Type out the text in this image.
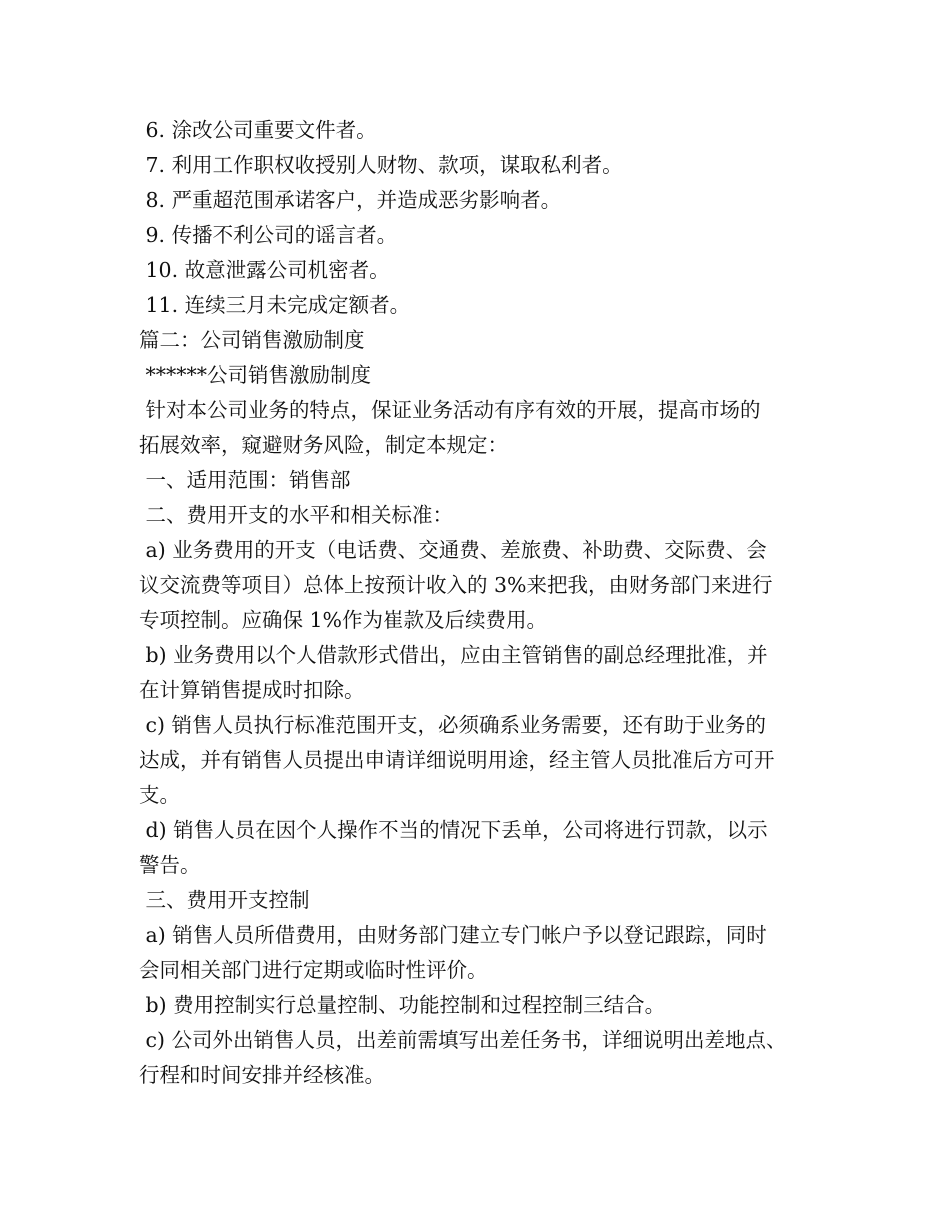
6. 涂改公司重要文件者。
7. 利用工作职权收授别人财物、款项，谋取私利者。
8. 严重超范围承诺客户，并造成恶劣影响者。
9. 传播不利公司的谣言者。
10. 故意泄露公司机密者。
11. 连续三月未完成定额者。
篇二：公司销售激励制度
******公司销售激励制度
针对本公司业务的特点，保证业务活动有序有效的开展，提高市场的
拓展效率，窥避财务风险，制定本规定：
一、适用范围：销售部
二、费用开支的水平和相关标准：
a) 业务费用的开支（电话费、交通费、差旅费、补助费、交际费、会
议交流费等项目）总体上按预计收入的 3%来把我，由财务部门来进行
专项控制。应确保 1%作为崔款及后续费用。
b) 业务费用以个人借款形式借出，应由主管销售的副总经理批准，并
在计算销售提成时扣除。
c) 销售人员执行标准范围开支，必须确系业务需要，还有助于业务的
达成，并有销售人员提出申请详细说明用途，经主管人员批准后方可开
支。
d) 销售人员在因个人操作不当的情况下丢单，公司将进行罚款，以示
警告。
三、费用开支控制
a) 销售人员所借费用，由财务部门建立专门帐户予以登记跟踪，同时
会同相关部门进行定期或临时性评价。
b) 费用控制实行总量控制、功能控制和过程控制三结合。
c) 公司外出销售人员，出差前需填写出差任务书，详细说明出差地点、
行程和时间安排并经核准。
